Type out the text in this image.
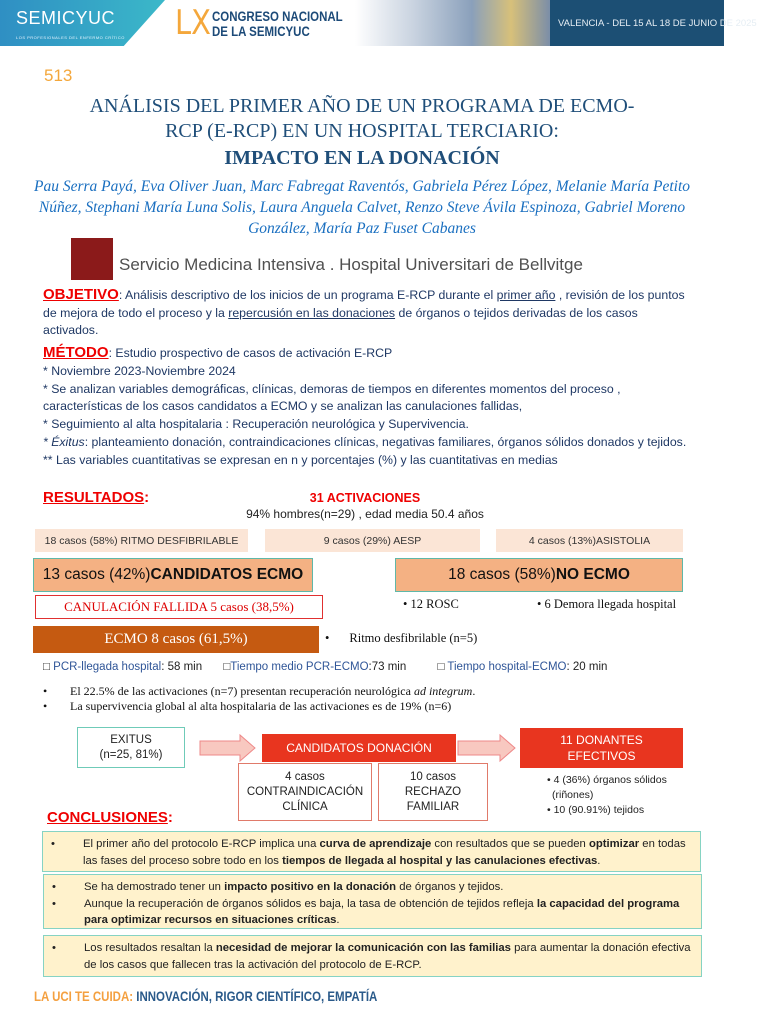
SEMICYUC
LOS PROFESIONALES DEL ENFERMO CRÍTICO LX CONGRESO NACIONAL
DE LA SEMICYUC
VALENCIA - DEL 15 AL 18 DE JUNIO DE 2025
513
ANÁLISIS DEL PRIMER AÑO DE UN PROGRAMA DE ECMO-
RCP (E-RCP) EN UN HOSPITAL TERCIARIO:
IMPACTO EN LA DONACIÓN
Pau Serra Payá, Eva Oliver Juan, Marc Fabregat Raventós, Gabriela Pérez López, Melanie María Petito Núñez, Stephani María Luna Solis, Laura Anguela Calvet, Renzo Steve Ávila Espinoza, Gabriel Moreno González, María Paz Fuset Cabanes
Servicio Medicina Intensiva . Hospital Universitari de Bellvitge
OBJETIVO: Análisis descriptivo de los inicios de un programa E-RCP durante el primer año , revisión de los puntos de mejora de todo el proceso y la repercusión en las donaciones de órganos o tejidos derivadas de los casos activados.
MÉTODO: Estudio prospectivo de casos de activación E-RCP
* Noviembre 2023-Noviembre 2024
* Se analizan variables demográficas, clínicas, demoras de tiempos en diferentes momentos del proceso , características de los casos candidatos a ECMO y se analizan las canulaciones fallidas,
* Seguimiento al alta hospitalaria : Recuperación neurológica y Supervivencia.
* Éxitus: planteamiento donación, contraindicaciones clínicas, negativas familiares, órganos sólidos donados y tejidos.
** Las variables cuantitativas se expresan en n y porcentajes (%) y las cuantitativas en medias
RESULTADOS:	31 ACTIVACIONES
94% hombres(n=29) , edad media 50.4 años
18 casos (58%) RITMO DESFIBRILABLE	9 casos (29%) AESP	4 casos (13%)ASISTOLIA
13 casos (42%) CANDIDATOS ECMO	18 casos (58%) NO ECMO
CANULACIÓN FALLIDA 5 casos (38,5%)	• 12 ROSC	• 6 Demora llegada hospital
ECMO 8 casos (61,5%)	• Ritmo desfibrilable (n=5)
□ PCR-llegada hospital: 58 min □Tiempo medio PCR-ECMO:73 min	□ Tiempo hospital-ECMO: 20 min
• El 22.5% de las activaciones (n=7) presentan recuperación neurológica ad integrum.
• La supervivencia global al alta hospitalaria de las activaciones es de 19% (n=6)
EXITUS
(n=25, 81%)	CANDIDATOS DONACIÓN
11 DONANTES
EFECTIVOS
4 casos
CONTRAINDICACIÓN
CLÍNICA
10 casos
RECHAZO
FAMILIAR
• 4 (36%) órganos sólidos
(riñones)
• 10 (90.91%) tejidos
CONCLUSIONES:
• El primer año del protocolo E-RCP implica una curva de aprendizaje con resultados que se pueden optimizar en todas las fases del proceso sobre todo en los tiempos de llegada al hospital y las canulaciones efectivas.
• Se ha demostrado tener un impacto positivo en la donación de órganos y tejidos.
• Aunque la recuperación de órganos sólidos es baja, la tasa de obtención de tejidos refleja la capacidad del programa para optimizar recursos en situaciones críticas.
• Los resultados resaltan la necesidad de mejorar la comunicación con las familias para aumentar la donación efectiva de los casos que fallecen tras la activación del protocolo de E-RCP.
LA UCI TE CUIDA: INNOVACIÓN, RIGOR CIENTÍFICO, EMPATÍA
